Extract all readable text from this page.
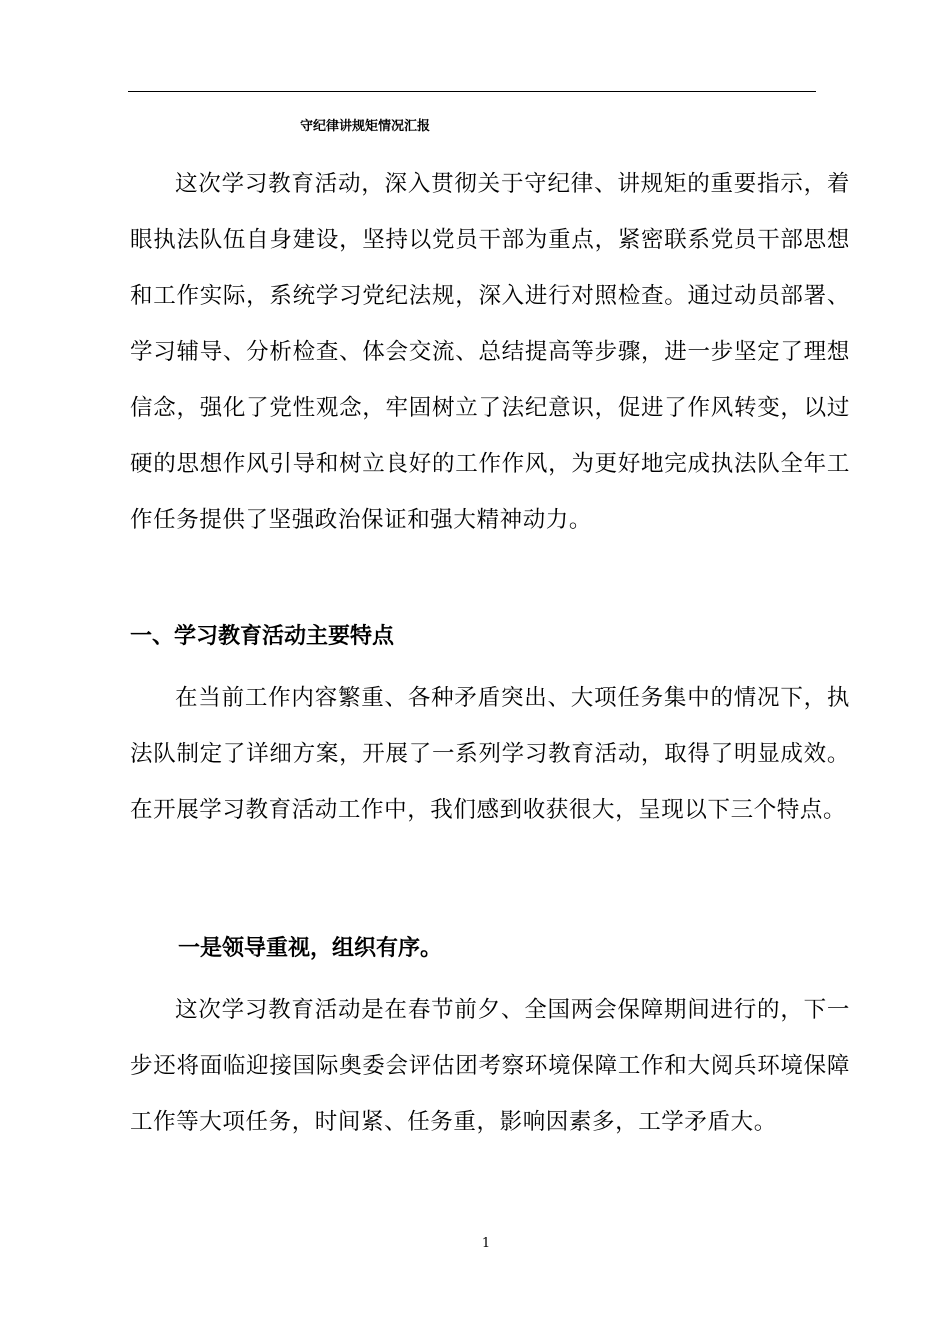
守纪律讲规矩情况汇报
这次学习教育活动，深入贯彻关于守纪律、讲规矩的重要指示，着眼执法队伍自身建设，坚持以党员干部为重点，紧密联系党员干部思想和工作实际，系统学习党纪法规，深入进行对照检查。通过动员部署、学习辅导、分析检查、体会交流、总结提高等步骤，进一步坚定了理想信念，强化了党性观念，牢固树立了法纪意识，促进了作风转变，以过硬的思想作风引导和树立良好的工作作风，为更好地完成执法队全年工作任务提供了坚强政治保证和强大精神动力。
一、学习教育活动主要特点
在当前工作内容繁重、各种矛盾突出、大项任务集中的情况下，执法队制定了详细方案，开展了一系列学习教育活动，取得了明显成效。在开展学习教育活动工作中，我们感到收获很大，呈现以下三个特点。
一是领导重视，组织有序。
这次学习教育活动是在春节前夕、全国两会保障期间进行的，下一步还将面临迎接国际奥委会评估团考察环境保障工作和大阅兵环境保障工作等大项任务，时间紧、任务重，影响因素多，工学矛盾大。
1
